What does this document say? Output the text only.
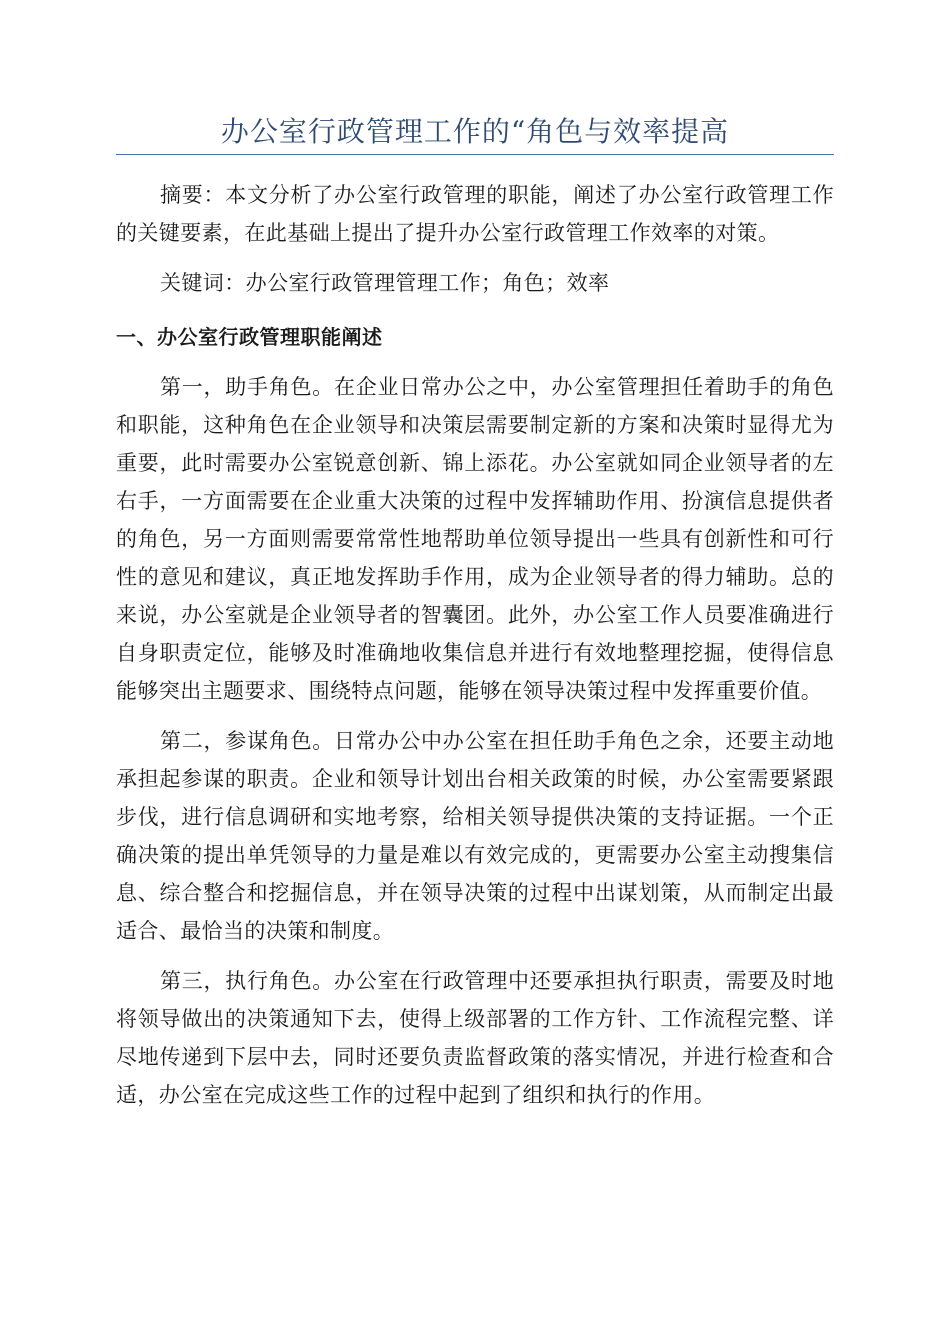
办公室行政管理工作的“角色与效率提高

摘要：本文分析了办公室行政管理的职能，阐述了办公室行政管理工作的关键要素，在此基础上提出了提升办公室行政管理工作效率的对策。

关键词：办公室行政管理管理工作；角色；效率

一、办公室行政管理职能阐述

第一，助手角色。在企业日常办公之中，办公室管理担任着助手的角色和职能，这种角色在企业领导和决策层需要制定新的方案和决策时显得尤为重要，此时需要办公室锐意创新、锦上添花。办公室就如同企业领导者的左右手，一方面需要在企业重大决策的过程中发挥辅助作用、扮演信息提供者的角色，另一方面则需要常常性地帮助单位领导提出一些具有创新性和可行性的意见和建议，真正地发挥助手作用，成为企业领导者的得力辅助。总的来说，办公室就是企业领导者的智囊团。此外，办公室工作人员要准确进行自身职责定位，能够及时准确地收集信息并进行有效地整理挖掘，使得信息能够突出主题要求、围绕特点问题，能够在领导决策过程中发挥重要价值。

第二，参谋角色。日常办公中办公室在担任助手角色之余，还要主动地承担起参谋的职责。企业和领导计划出台相关政策的时候，办公室需要紧跟步伐，进行信息调研和实地考察，给相关领导提供决策的支持证据。一个正确决策的提出单凭领导的力量是难以有效完成的，更需要办公室主动搜集信息、综合整合和挖掘信息，并在领导决策的过程中出谋划策，从而制定出最适合、最恰当的决策和制度。

第三，执行角色。办公室在行政管理中还要承担执行职责，需要及时地将领导做出的决策通知下去，使得上级部署的工作方针、工作流程完整、详尽地传递到下层中去，同时还要负责监督政策的落实情况，并进行检查和合适，办公室在完成这些工作的过程中起到了组织和执行的作用。
